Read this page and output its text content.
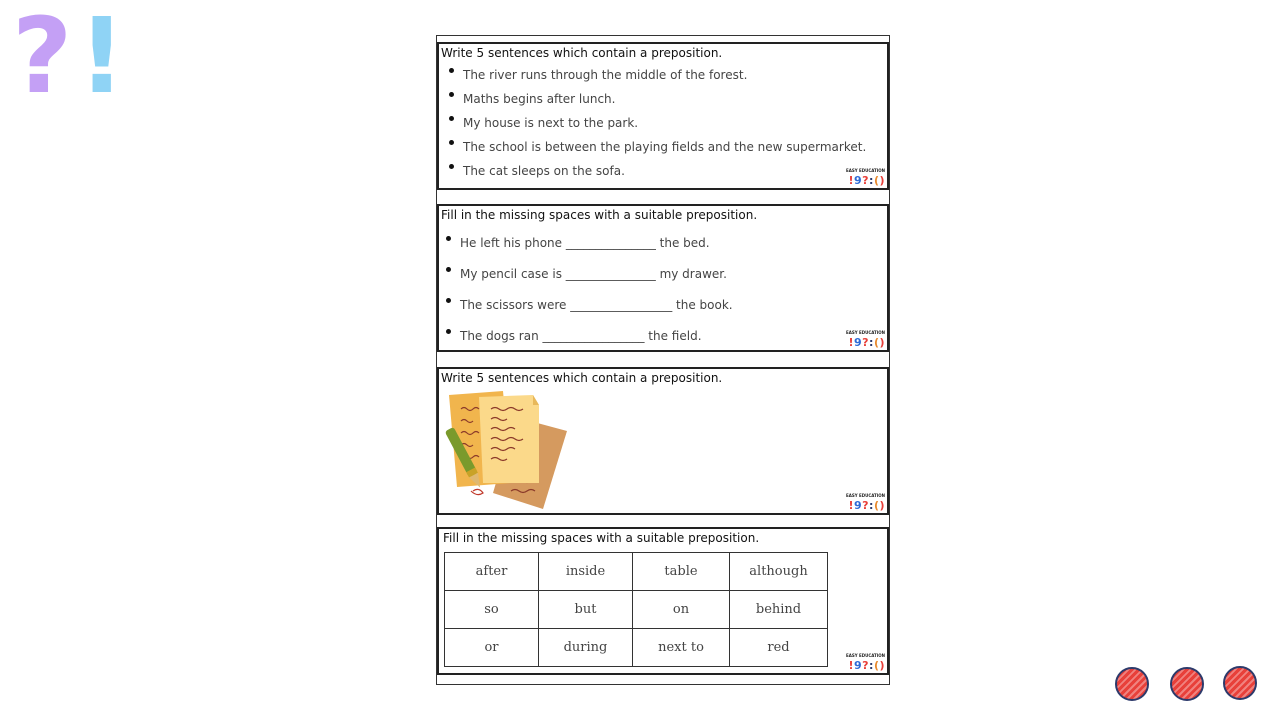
? !	Write 5 sentences which contain a preposition.
The river runs through the middle of the forest.
Maths begins after lunch.
My house is next to the park.
The school is between the playing fields and the new supermarket.
The cat sleeps on the sofa.	EASY EDUCATION
!9?:()
Fill in the missing spaces with a suitable preposition.
He left his phone _______________ the bed.
My pencil case is _______________ my drawer.
The scissors were _________________ the book.
The dogs ran _________________ the field.	EASY EDUCATION
!9?:()
Write 5 sentences which contain a preposition.
EASY EDUCATION
!9?:()
Fill in the missing spaces with a suitable preposition.
after	inside	table	although
so	but	on	behind
or	during	next to	red
EASY EDUCATION
!9?:()
